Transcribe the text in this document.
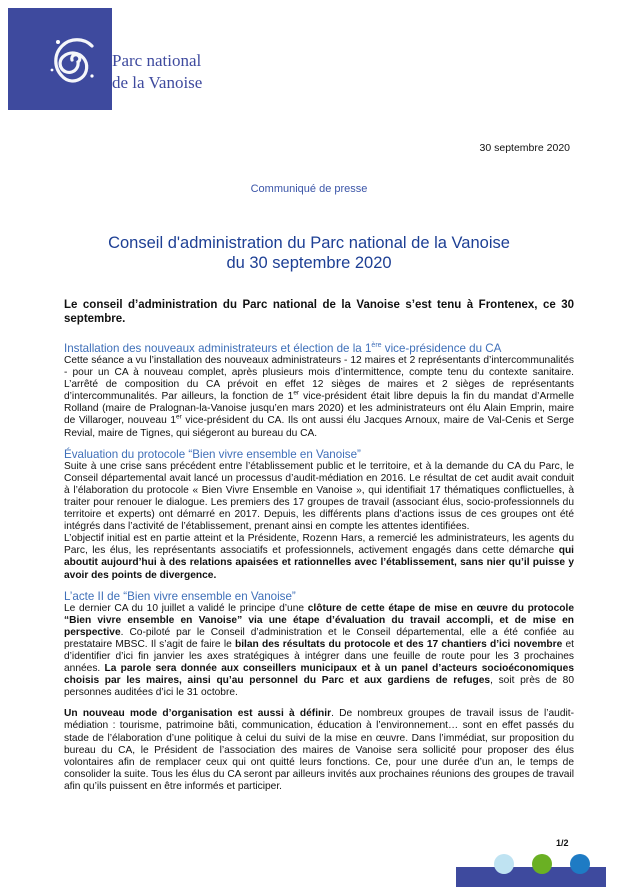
Parc national
de la Vanoise
30 septembre 2020
Communiqué de presse
Conseil d'administration du Parc national de la Vanoise
du 30 septembre 2020

Le conseil d’administration du Parc national de la Vanoise s’est tenu à Frontenex, ce 30 septembre.

Installation des nouveaux administrateurs et élection de la 1ère vice-présidence du CA

Cette séance a vu l’installation des nouveaux administrateurs - 12 maires et 2 représentants d’intercommunalités - pour un CA à nouveau complet, après plusieurs mois d’intermittence, compte tenu du contexte sanitaire. L’arrêté de composition du CA prévoit en effet 12 sièges de maires et 2 sièges de représentants d’intercommunalités. Par ailleurs, la fonction de 1er vice-président était libre depuis la fin du mandat d’Armelle Rolland (maire de Pralognan-la-Vanoise jusqu’en mars 2020) et les administrateurs ont élu Alain Emprin, maire de Villaroger, nouveau 1er vice-président du CA. Ils ont aussi élu Jacques Arnoux, maire de Val-Cenis et Serge Revial, maire de Tignes, qui siégeront au bureau du CA.

Évaluation du protocole “Bien vivre ensemble en Vanoise”

Suite à une crise sans précédent entre l’établissement public et le territoire, et à la demande du CA du Parc, le Conseil départemental avait lancé un processus d’audit-médiation en 2016. Le résultat de cet audit avait conduit à l’élaboration du protocole « Bien Vivre Ensemble en Vanoise », qui identifiait 17 thématiques conflictuelles, à traiter pour renouer le dialogue. Les premiers des 17 groupes de travail (associant élus, socio-professionnels du territoire et experts) ont démarré en 2017. Depuis, les différents plans d’actions issus de ces groupes ont été intégrés dans l’activité de l’établissement, prenant ainsi en compte les attentes identifiées.

L’objectif initial est en partie atteint et la Présidente, Rozenn Hars, a remercié les administrateurs, les agents du Parc, les élus, les représentants associatifs et professionnels, activement engagés dans cette démarche qui aboutit aujourd’hui à des relations apaisées et rationnelles avec l’établissement, sans nier qu’il puisse y avoir des points de divergence.

L’acte II de “Bien vivre ensemble en Vanoise”

Le dernier CA du 10 juillet a validé le principe d’une clôture de cette étape de mise en œuvre du protocole “Bien vivre ensemble en Vanoise” via une étape d’évaluation du travail accompli, et de mise en perspective. Co-piloté par le Conseil d’administration et le Conseil départemental, elle a été confiée au prestataire MBSC. Il s’agit de faire le bilan des résultats du protocole et des 17 chantiers d’ici novembre et d’identifier d’ici fin janvier les axes stratégiques à intégrer dans une feuille de route pour les 3 prochaines années. La parole sera donnée aux conseillers municipaux et à un panel d’acteurs socioéconomiques choisis par les maires, ainsi qu’au personnel du Parc et aux gardiens de refuges, soit près de 80 personnes auditées d’ici le 31 octobre.

Un nouveau mode d’organisation est aussi à définir. De nombreux groupes de travail issus de l’audit-médiation : tourisme, patrimoine bâti, communication, éducation à l’environnement… sont en effet passés du stade de l’élaboration d’une politique à celui du suivi de la mise en œuvre. Dans l’immédiat, sur proposition du bureau du CA, le Président de l’association des maires de Vanoise sera sollicité pour proposer des élus volontaires afin de remplacer ceux qui ont quitté leurs fonctions. Ce, pour une durée d’un an, le temps de consolider la suite. Tous les élus du CA seront par ailleurs invités aux prochaines réunions des groupes de travail afin qu’ils puissent en être informés et participer.

1/2
